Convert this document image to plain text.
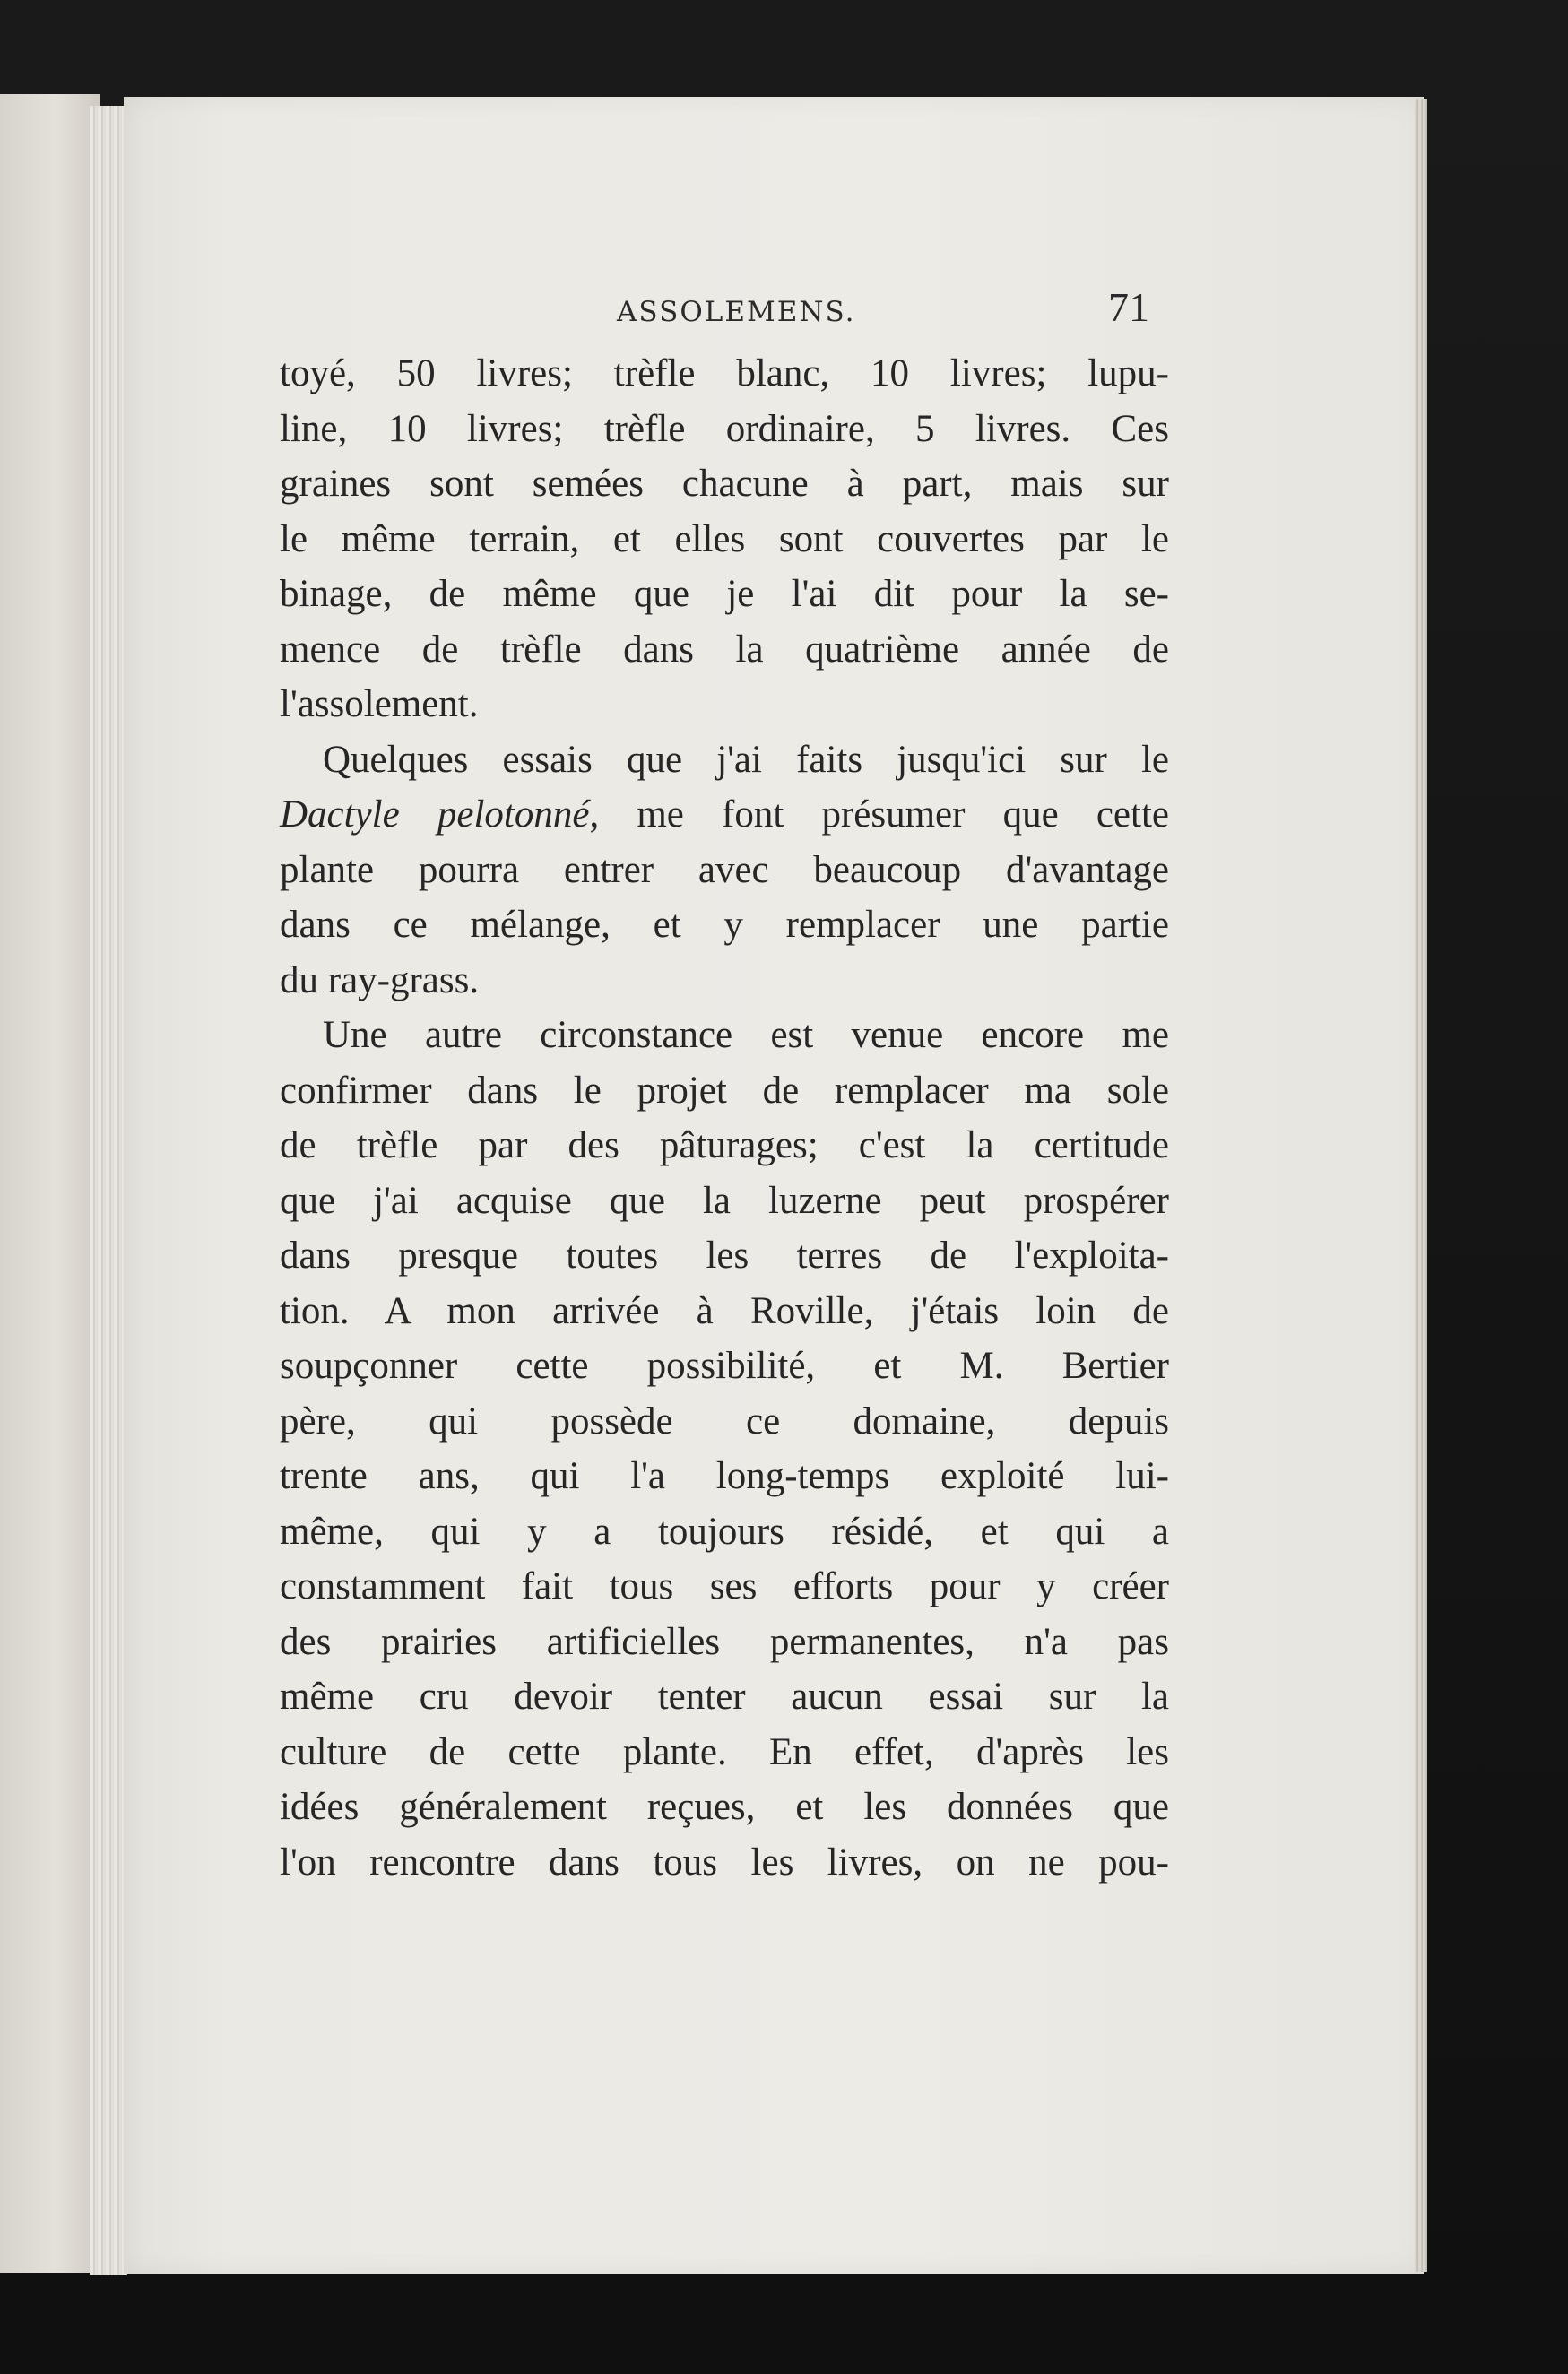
ASSOLEMENS.	71
toyé, 50 livres; trèfle blanc, 10 livres; lupu-
line, 10 livres; trèfle ordinaire, 5 livres. Ces
graines sont semées chacune à part, mais sur
le même terrain, et elles sont couvertes par le
binage, de même que je l'ai dit pour la se-
mence de trèfle dans la quatrième année de
l'assolement.
Quelques essais que j'ai faits jusqu'ici sur le
Dactyle pelotonné, me font présumer que cette
plante pourra entrer avec beaucoup d'avantage
dans ce mélange, et y remplacer une partie
du ray-grass.
Une autre circonstance est venue encore me
confirmer dans le projet de remplacer ma sole
de trèfle par des pâturages; c'est la certitude
que j'ai acquise que la luzerne peut prospérer
dans presque toutes les terres de l'exploita-
tion. A mon arrivée à Roville, j'étais loin de
soupçonner cette possibilité, et M. Bertier
père, qui possède ce domaine, depuis
trente ans, qui l'a long-temps exploité lui-
même, qui y a toujours résidé, et qui a
constamment fait tous ses efforts pour y créer
des prairies artificielles permanentes, n'a pas
même cru devoir tenter aucun essai sur la
culture de cette plante. En effet, d'après les
idées généralement reçues, et les données que
l'on rencontre dans tous les livres, on ne pou-
